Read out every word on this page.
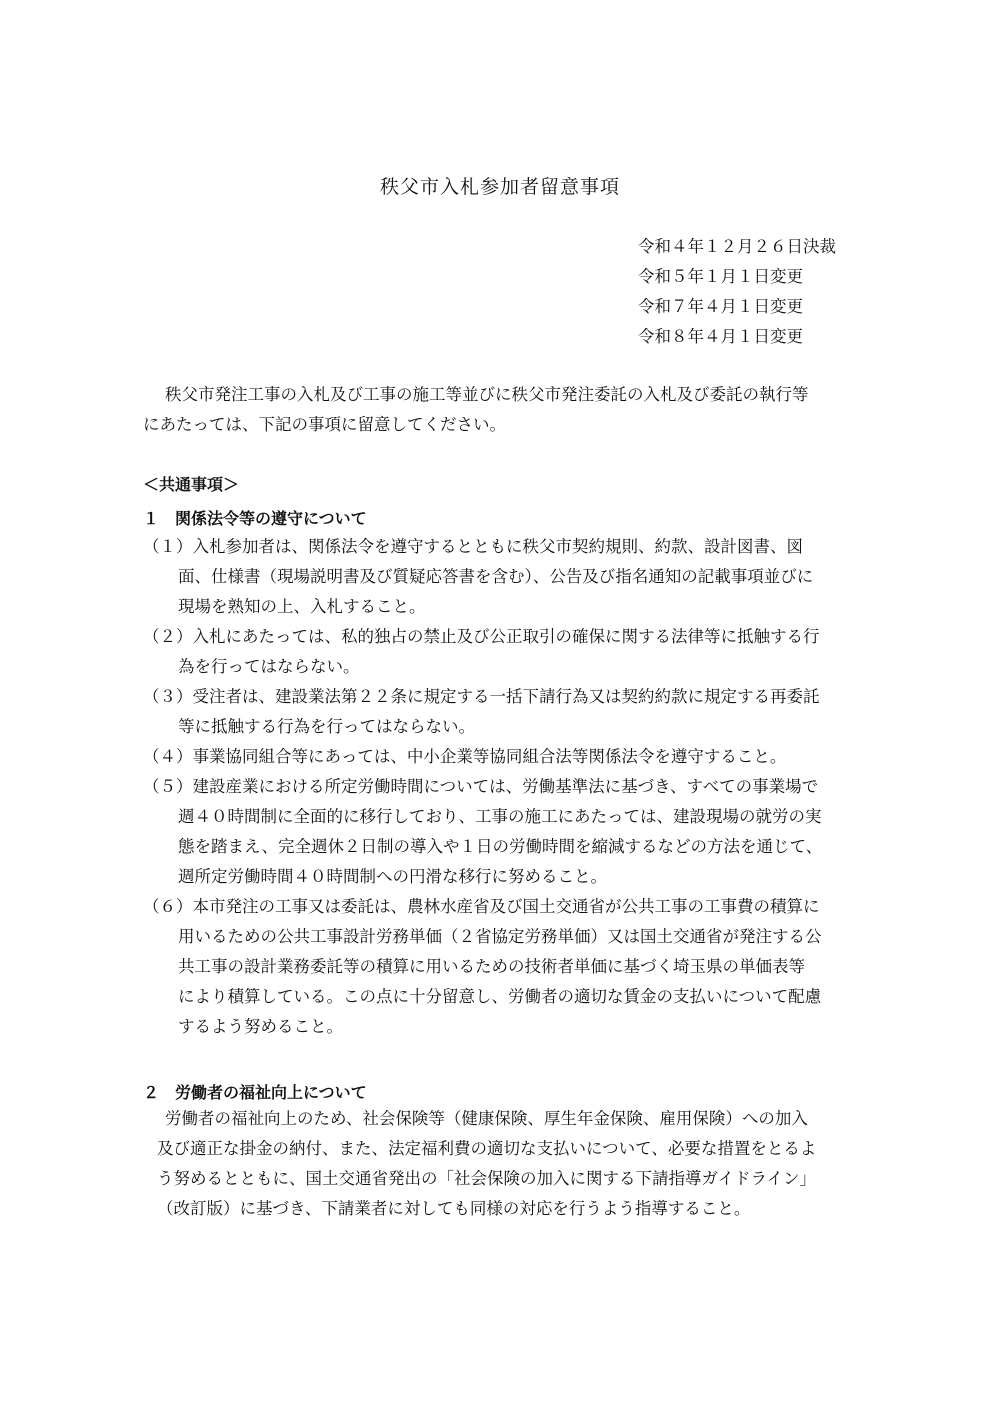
秩父市入札参加者留意事項
令和４年１２月２６日決裁
令和５年１月１日変更
令和７年４月１日変更
令和８年４月１日変更
秩父市発注工事の入札及び工事の施工等並びに秩父市発注委託の入札及び委託の執行等
にあたっては、下記の事項に留意してください。
＜共通事項＞
１　関係法令等の遵守について
（１）入札参加者は、関係法令を遵守するとともに秩父市契約規則、約款、設計図書、図
面、仕様書（現場説明書及び質疑応答書を含む）、公告及び指名通知の記載事項並びに
現場を熟知の上、入札すること。
（２）入札にあたっては、私的独占の禁止及び公正取引の確保に関する法律等に抵触する行
為を行ってはならない。
（３）受注者は、建設業法第２２条に規定する一括下請行為又は契約約款に規定する再委託
等に抵触する行為を行ってはならない。
（４）事業協同組合等にあっては、中小企業等協同組合法等関係法令を遵守すること。
（５）建設産業における所定労働時間については、労働基準法に基づき、すべての事業場で
週４０時間制に全面的に移行しており、工事の施工にあたっては、建設現場の就労の実
態を踏まえ、完全週休２日制の導入や１日の労働時間を縮減するなどの方法を通じて、
週所定労働時間４０時間制への円滑な移行に努めること。
（６）本市発注の工事又は委託は、農林水産省及び国土交通省が公共工事の工事費の積算に
用いるための公共工事設計労務単価（２省協定労務単価）又は国土交通省が発注する公
共工事の設計業務委託等の積算に用いるための技術者単価に基づく埼玉県の単価表等
により積算している。この点に十分留意し、労働者の適切な賃金の支払いについて配慮
するよう努めること。
２　労働者の福祉向上について
労働者の福祉向上のため、社会保険等（健康保険、厚生年金保険、雇用保険）への加入
及び適正な掛金の納付、また、法定福利費の適切な支払いについて、必要な措置をとるよ
う努めるとともに、国土交通省発出の「社会保険の加入に関する下請指導ガイドライン」
（改訂版）に基づき、下請業者に対しても同様の対応を行うよう指導すること。
